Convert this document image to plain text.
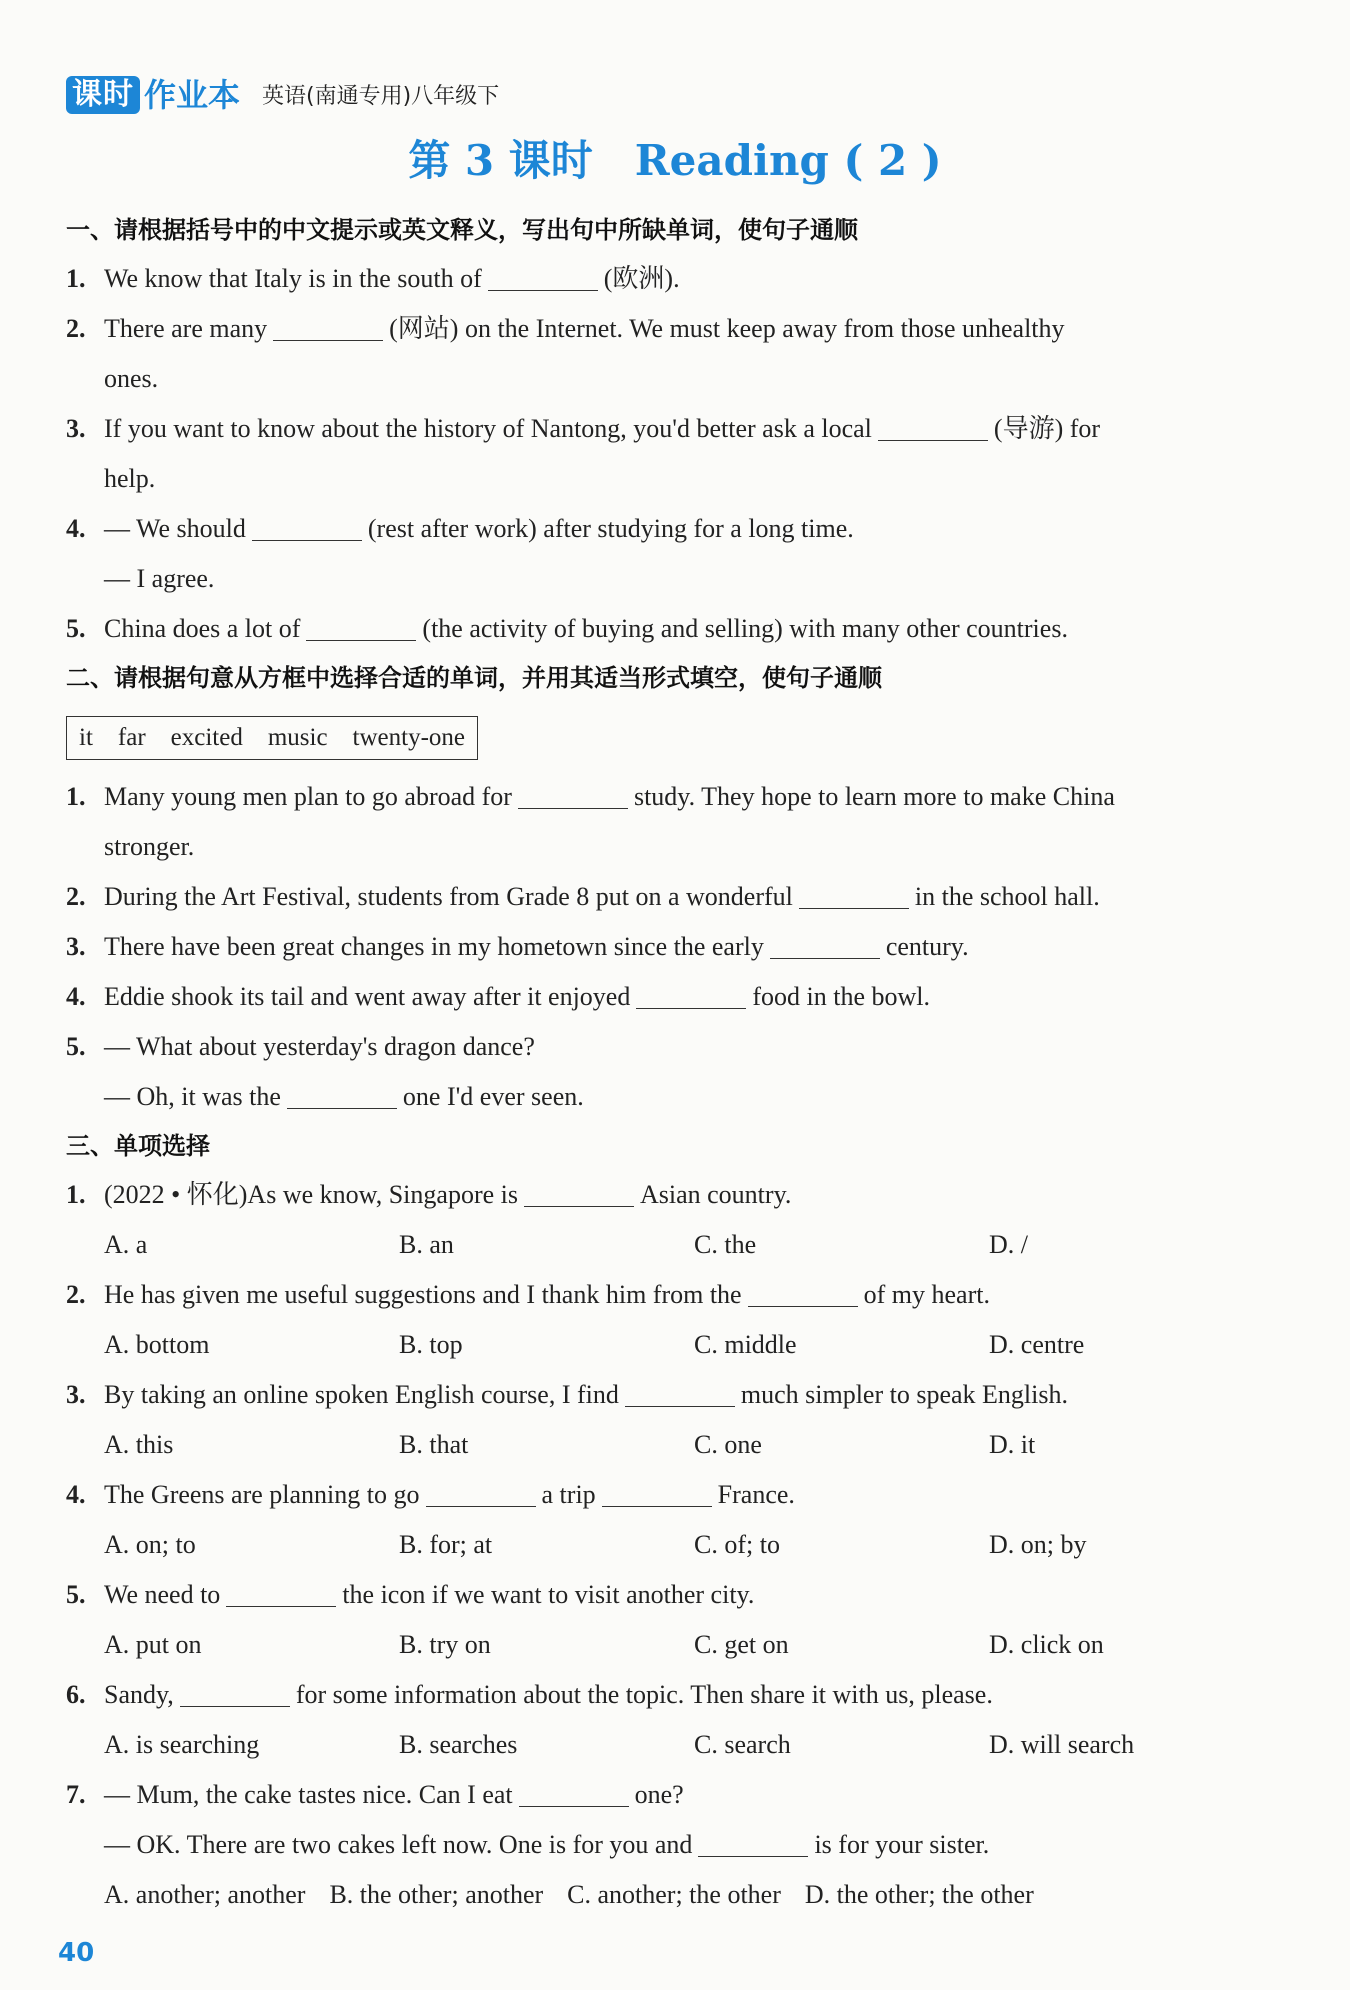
课时 作业本 英语(南通专用)八年级下
第 3 课时　Reading ( 2 )
一、请根据括号中的中文提示或英文释义，写出句中所缺单词，使句子通顺
1. We know that Italy is in the south of	(欧洲).
2. There are many	(网站) on the Internet. We must keep away from those unhealthy
ones.
3. If you want to know about the history of Nantong, you'd better ask a local	(导游) for
help.
4. — We should	(rest after work) after studying for a long time.
— I agree.
5. China does a lot of	(the activity of buying and selling) with many other countries.
二、请根据句意从方框中选择合适的单词，并用其适当形式填空，使句子通顺
it　far　excited　music　twenty-one
1. Many young men plan to go abroad for	study. They hope to learn more to make China
stronger.
2. During the Art Festival, students from Grade 8 put on a wonderful	in the school hall.
3. There have been great changes in my hometown since the early	century.
4. Eddie shook its tail and went away after it enjoyed	food in the bowl.
5. — What about yesterday's dragon dance?
— Oh, it was the	one I'd ever seen.
三、单项选择
1. (2022 • 怀化)As we know, Singapore is	Asian country.
A. a	B. an	C. the	D. /
2. He has given me useful suggestions and I thank him from the	of my heart.
A. bottom	B. top	C. middle	D. centre
3. By taking an online spoken English course, I find	much simpler to speak English.
A. this	B. that	C. one	D. it
4. The Greens are planning to go	a trip	France.
A. on; to	B. for; at	C. of; to	D. on; by
5. We need to	the icon if we want to visit another city.
A. put on	B. try on	C. get on	D. click on
6. Sandy,	for some information about the topic. Then share it with us, please.
A. is searching	B. searches	C. search	D. will search
7. — Mum, the cake tastes nice. Can I eat	one?
— OK. There are two cakes left now. One is for you and	is for your sister.
A. another; another B. the other; another C. another; the other D. the other; the other
40
